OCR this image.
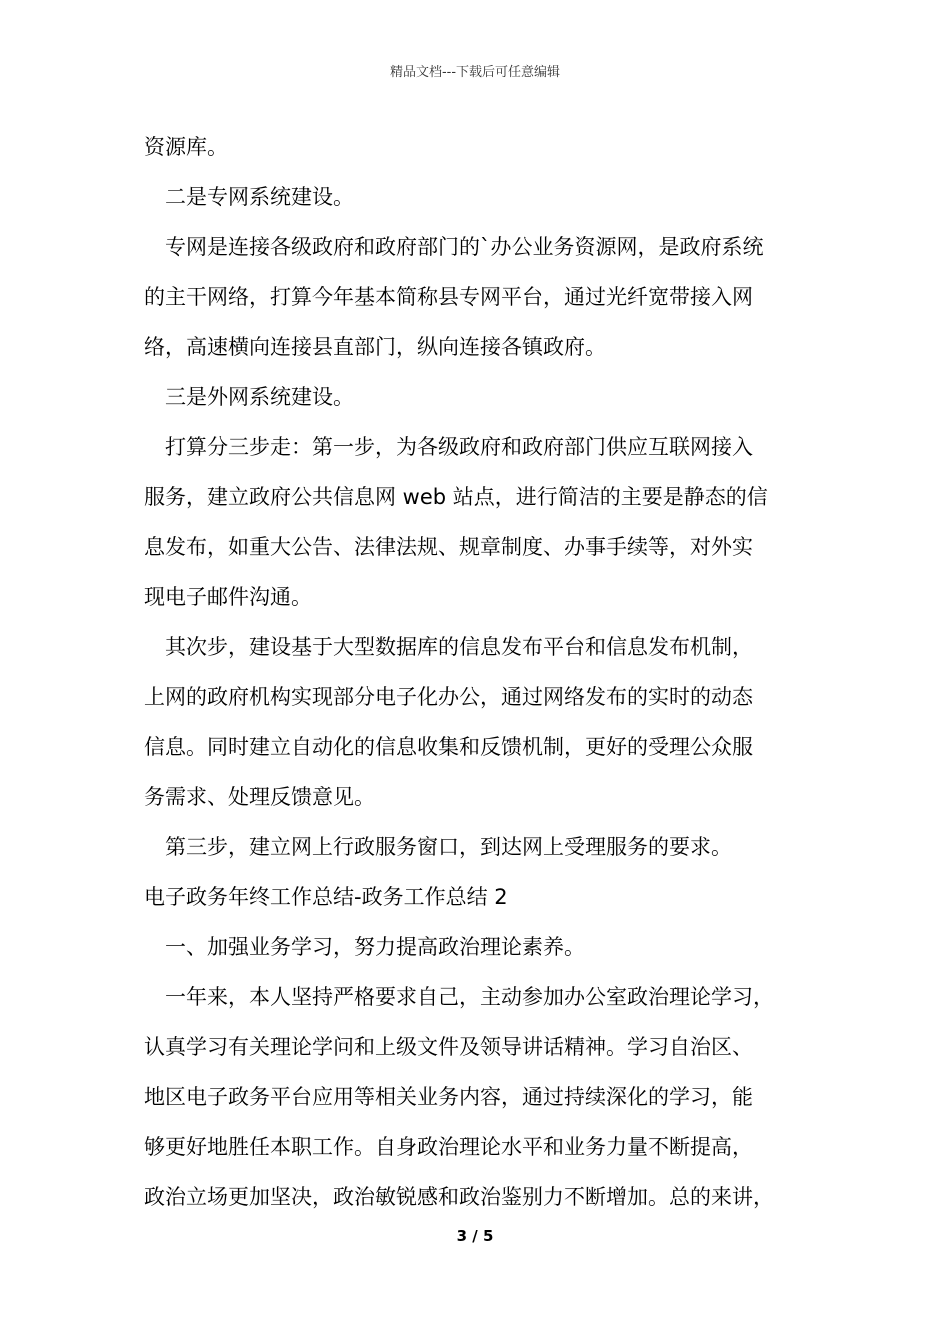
精品文档---下载后可任意编辑

资源库。

二是专网系统建设。

专网是连接各级政府和政府部门的`办公业务资源网，是政府系统

的主干网络，打算今年基本简称县专网平台，通过光纤宽带接入网

络，高速横向连接县直部门，纵向连接各镇政府。

三是外网系统建设。

打算分三步走：第一步，为各级政府和政府部门供应互联网接入

服务，建立政府公共信息网 web 站点，进行简洁的主要是静态的信

息发布，如重大公告、法律法规、规章制度、办事手续等，对外实

现电子邮件沟通。

其次步，建设基于大型数据库的信息发布平台和信息发布机制，

上网的政府机构实现部分电子化办公，通过网络发布的实时的动态

信息。同时建立自动化的信息收集和反馈机制，更好的受理公众服

务需求、处理反馈意见。

第三步，建立网上行政服务窗口，到达网上受理服务的要求。

电子政务年终工作总结-政务工作总结 2

一、加强业务学习，努力提高政治理论素养。

一年来，本人坚持严格要求自己，主动参加办公室政治理论学习，

认真学习有关理论学问和上级文件及领导讲话精神。学习自治区、

地区电子政务平台应用等相关业务内容，通过持续深化的学习，能

够更好地胜任本职工作。自身政治理论水平和业务力量不断提高，

政治立场更加坚决，政治敏锐感和政治鉴别力不断增加。总的来讲，

3 / 5
